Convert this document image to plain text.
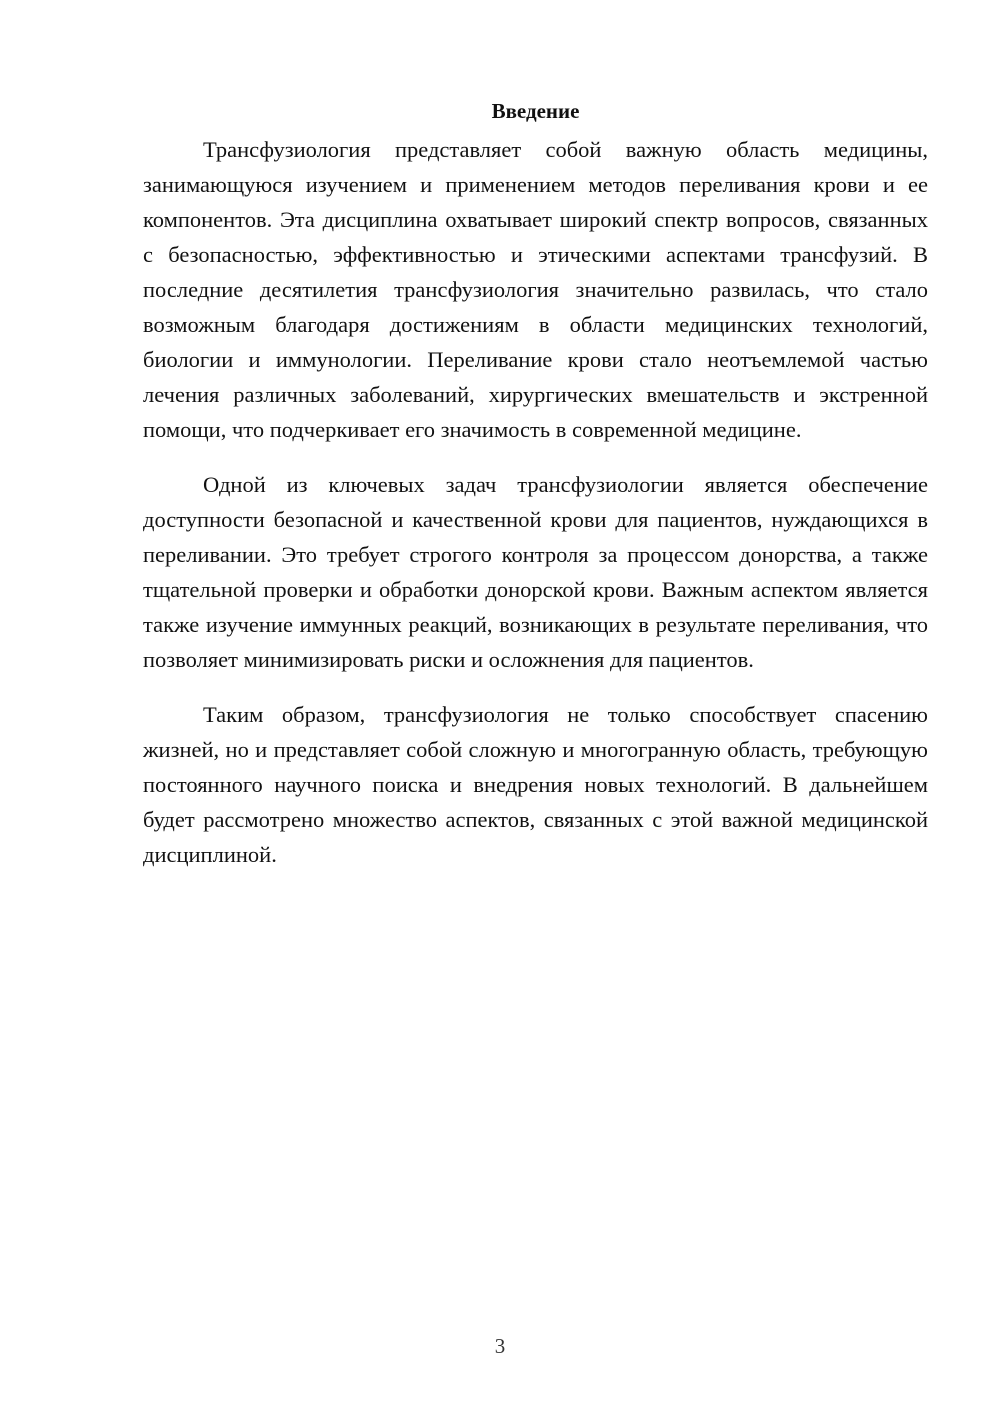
Введение

Трансфузиология представляет собой важную область медицины, занимающуюся изучением и применением методов переливания крови и ее компонентов. Эта дисциплина охватывает широкий спектр вопросов, связанных с безопасностью, эффективностью и этическими аспектами трансфузий. В последние десятилетия трансфузиология значительно развилась, что стало возможным благодаря достижениям в области медицинских технологий, биологии и иммунологии. Переливание крови стало неотъемлемой частью лечения различных заболеваний, хирургических вмешательств и экстренной помощи, что подчеркивает его значимость в современной медицине.

Одной из ключевых задач трансфузиологии является обеспечение доступности безопасной и качественной крови для пациентов, нуждающихся в переливании. Это требует строгого контроля за процессом донорства, а также тщательной проверки и обработки донорской крови. Важным аспектом является также изучение иммунных реакций, возникающих в результате переливания, что позволяет минимизировать риски и осложнения для пациентов.

Таким образом, трансфузиология не только способствует спасению жизней, но и представляет собой сложную и многогранную область, требующую постоянного научного поиска и внедрения новых технологий. В дальнейшем будет рассмотрено множество аспектов, связанных с этой важной медицинской дисциплиной.

3
